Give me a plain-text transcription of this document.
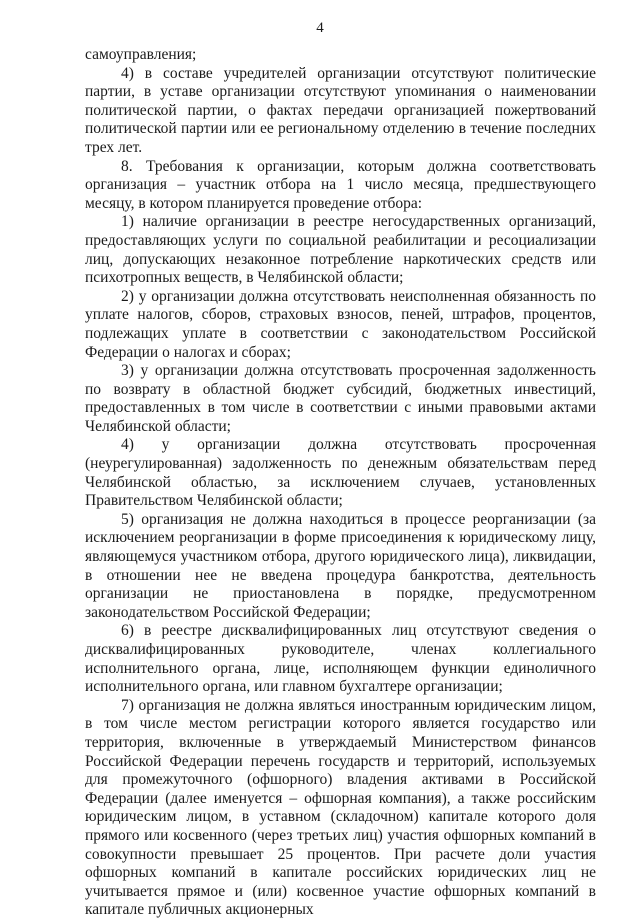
4

самоуправления;

4) в составе учредителей организации отсутствуют политические партии, в уставе организации отсутствуют упоминания о наименовании политической партии, о фактах передачи организацией пожертвований политической партии или ее региональному отделению в течение последних трех лет.

8. Требования к организации, которым должна соответствовать организация – участник отбора на 1 число месяца, предшествующего месяцу, в котором планируется проведение отбора:

1) наличие организации в реестре негосударственных организаций, предоставляющих услуги по социальной реабилитации и ресоциализации лиц, допускающих незаконное потребление наркотических средств или психотропных веществ, в Челябинской области;

2) у организации должна отсутствовать неисполненная обязанность по уплате налогов, сборов, страховых взносов, пеней, штрафов, процентов, подлежащих уплате в соответствии с законодательством Российской Федерации о налогах и сборах;

3) у организации должна отсутствовать просроченная задолженность по возврату в областной бюджет субсидий, бюджетных инвестиций, предоставленных в том числе в соответствии с иными правовыми актами Челябинской области;

4) у организации должна отсутствовать просроченная (неурегулированная) задолженность по денежным обязательствам перед Челябинской областью, за исключением случаев, установленных Правительством Челябинской области;

5) организация не должна находиться в процессе реорганизации (за исключением реорганизации в форме присоединения к юридическому лицу, являющемуся участником отбора, другого юридического лица), ликвидации, в отношении нее не введена процедура банкротства, деятельность организации не приостановлена в порядке, предусмотренном законодательством Российской Федерации;

6) в реестре дисквалифицированных лиц отсутствуют сведения о дисквалифицированных руководителе, членах коллегиального исполнительного органа, лице, исполняющем функции единоличного исполнительного органа, или главном бухгалтере организации;

7) организация не должна являться иностранным юридическим лицом, в том числе местом регистрации которого является государство или территория, включенные в утверждаемый Министерством финансов Российской Федерации перечень государств и территорий, используемых для промежуточного (офшорного) владения активами в Российской Федерации (далее именуется – офшорная компания), а также российским юридическим лицом, в уставном (складочном) капитале которого доля прямого или косвенного (через третьих лиц) участия офшорных компаний в совокупности превышает 25 процентов. При расчете доли участия офшорных компаний в капитале российских юридических лиц не учитывается прямое и (или) косвенное участие офшорных компаний в капитале публичных акционерных
